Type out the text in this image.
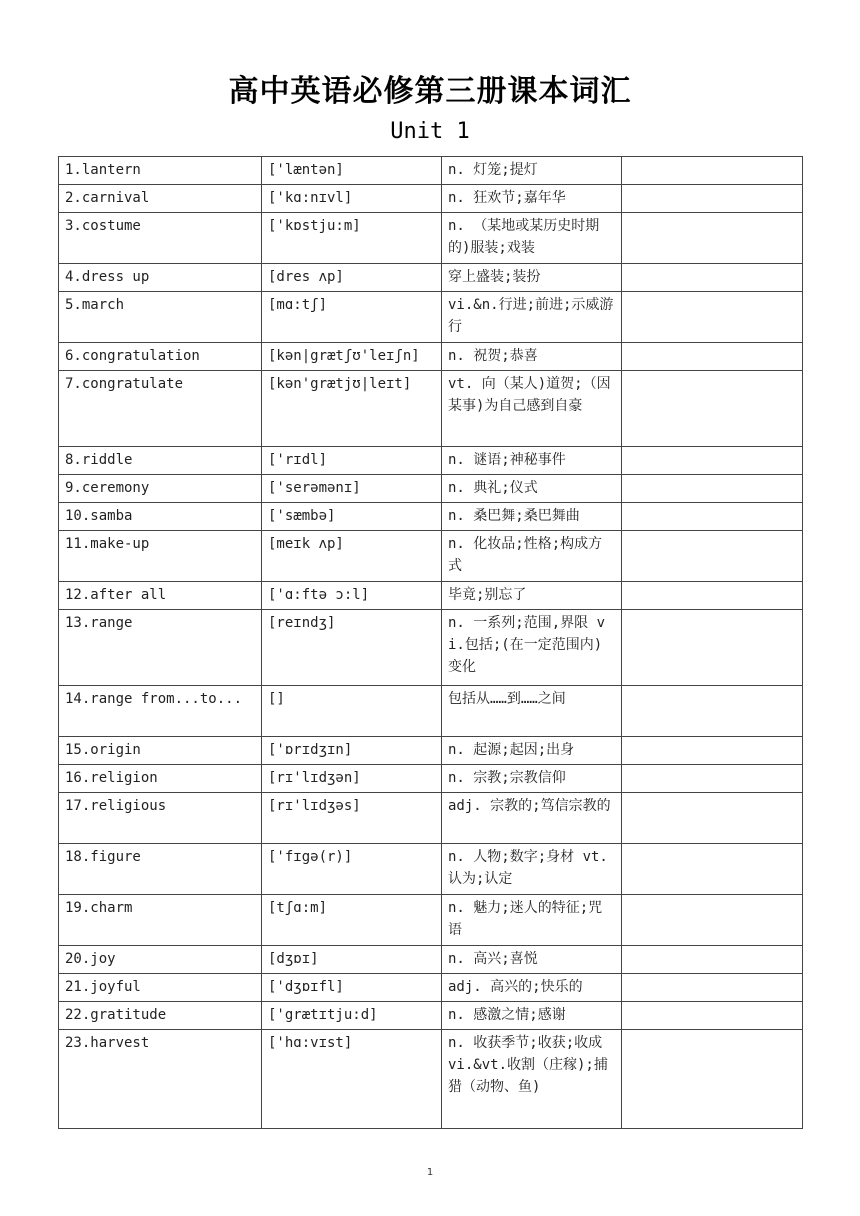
高中英语必修第三册课本词汇
Unit 1
1.lantern	['læntən]	n. 灯笼;提灯	
2.carnival	['kɑ:nɪvl]	n. 狂欢节;嘉年华	
3.costume	['kɒstju:m]	n. （某地或某历史时期的)服装;戏装	
4.dress up	[dres ʌp]	穿上盛装;装扮	
5.march	[mɑ:tʃ]	vi.&n.行进;前进;示威游行	
6.congratulation	[kən|grætʃʊ'leɪʃn]	n. 祝贺;恭喜	
7.congratulate	[kən'grætjʊ|leɪt]	vt. 向（某人)道贺;（因某事)为自己感到自豪	
8.riddle	['rɪdl]	n. 谜语;神秘事件	
9.ceremony	['serəmənɪ]	n. 典礼;仪式	
10.samba	['sæmbə]	n. 桑巴舞;桑巴舞曲	
11.make-up	[meɪk ʌp]	n. 化妆品;性格;构成方式	
12.after all	['ɑ:ftə ɔ:l]	毕竟;别忘了	
13.range	[reɪndʒ]	n. 一系列;范围,界限 vi.包括;(在一定范围内)变化	
14.range from...to...	[]	包括从……到……之间	
15.origin	['ɒrɪdʒɪn]	n. 起源;起因;出身	
16.religion	[rɪ'lɪdʒən]	n. 宗教;宗教信仰	
17.religious	[rɪ'lɪdʒəs]	adj. 宗教的;笃信宗教的	
18.figure	['fɪgə(r)]	n. 人物;数字;身材 vt.认为;认定	
19.charm	[tʃɑ:m]	n. 魅力;迷人的特征;咒语	
20.joy	[dʒɒɪ]	n. 高兴;喜悦	
21.joyful	['dʒɒɪfl]	adj. 高兴的;快乐的	
22.gratitude	['grætɪtju:d]	n. 感激之情;感谢	
23.harvest	['hɑ:vɪst]	n. 收获季节;收获;收成 vi.&vt.收割（庄稼);捕猎（动物、鱼)	
1
